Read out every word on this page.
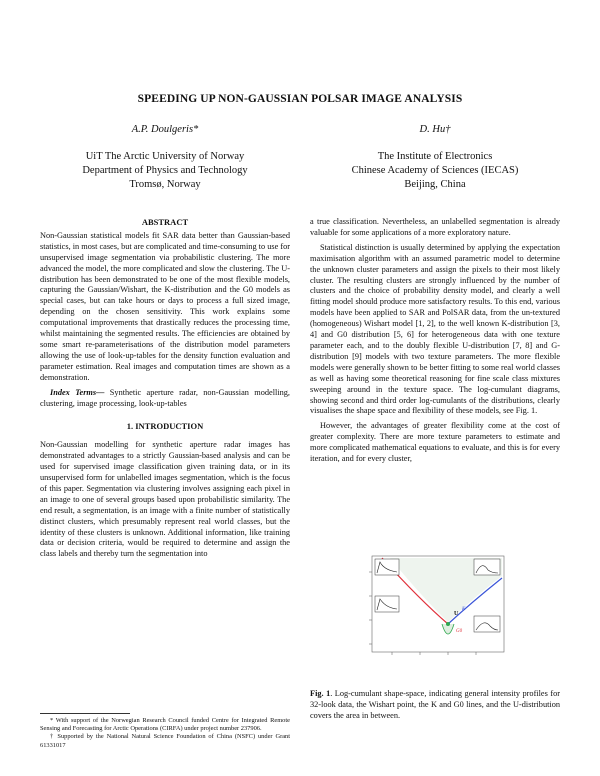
SPEEDING UP NON-GAUSSIAN POLSAR IMAGE ANALYSIS
A.P. Doulgeris*	D. Hu†
UiT The Arctic University of Norway
Department of Physics and Technology
Tromsø, Norway
The Institute of Electronics
Chinese Academy of Sciences (IECAS)
Beijing, China

ABSTRACT

Non-Gaussian statistical models fit SAR data better than Gaussian-based statistics, in most cases, but are complicated and time-consuming to use for unsupervised image segmentation via probabilistic clustering. The more advanced the model, the more complicated and slow the clustering. The U-distribution has been demonstrated to be one of the most flexible models, capturing the Gaussian/Wishart, the K-distribution and the G0 models as special cases, but can take hours or days to process a full sized image, depending on the chosen sensitivity. This work explains some computational improvements that drastically reduces the processing time, whilst maintaining the segmented results. The efficiencies are obtained by some smart re-parameterisations of the distribution model parameters allowing the use of look-up-tables for the density function evaluation and parameter estimation. Real images and computation times are shown as a demonstration.

Index Terms— Synthetic aperture radar, non-Gaussian modelling, clustering, image processing, look-up-tables

1. INTRODUCTION

Non-Gaussian modelling for synthetic aperture radar images has demonstrated advantages to a strictly Gaussian-based analysis and can be used for supervised image classification given training data, or in its unsupervised form for unlabelled images segmentation, which is the focus of this paper. Segmentation via clustering involves assigning each pixel in an image to one of several groups based upon probabilistic similarity. The end result, a segmentation, is an image with a finite number of statistically distinct clusters, which presumably represent real world classes, but the identity of these clusters is unknown. Additional information, like training data or decision criteria, would be required to determine and assign the class labels and thereby turn the segmentation into

* With support of the Norwegian Research Council funded Centre for Integrated Remote Sensing and Forecasting for Arctic Operations (CIRFA) under project number 237906.

† Supported by the National Natural Science Foundation of China (NSFC) under Grant 61331017

a true classification. Nevertheless, an unlabelled segmentation is already valuable for some applications of a more exploratory nature.

Statistical distinction is usually determined by applying the expectation maximisation algorithm with an assumed parametric model to determine the unknown cluster parameters and assign the pixels to their most likely cluster. The resulting clusters are strongly influenced by the number of clusters and the choice of probability density model, and clearly a well fitting model should produce more satisfactory results. To this end, various models have been applied to SAR and PolSAR data, from the un-textured (homogeneous) Wishart model [1, 2], to the well known K-distribution [3, 4] and G0 distribution [5, 6] for heterogeneous data with one texture parameter each, and to the doubly flexible U-distribution [7, 8] and G-distribution [9] models with two texture parameters. The more flexible models were generally shown to be better fitting to some real world classes as well as having some theoretical reasoning for fine scale class mixtures sweeping around in the texture space. The log-cumulant diagrams, showing second and third order log-cumulants of the distributions, clearly visualises the shape space and flexibility of these models, see Fig. 1.

However, the advantages of greater flexibility come at the cost of greater complexity. There are more texture parameters to estimate and more complicated mathematical equations to evaluate, and this is for every iteration, and for every cluster,

U
K
G0
Fig. 1. Log-cumulant shape-space, indicating general intensity profiles for 32-look data, the Wishart point, the K and G0 lines, and the U-distribution covers the area in between.
